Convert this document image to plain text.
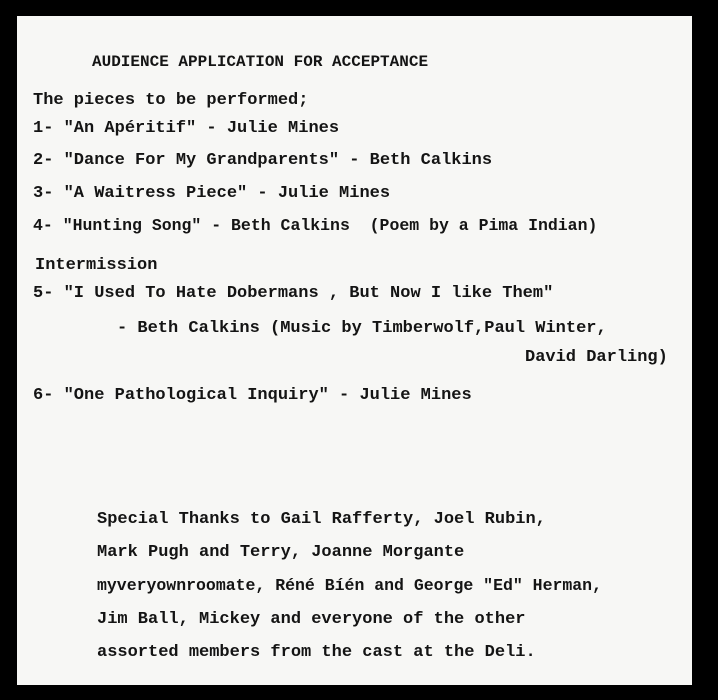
AUDIENCE APPLICATION FOR ACCEPTANCE
The pieces to be performed;
1- "An Apéritif" - Julie Mines
2- "Dance For My Grandparents" - Beth Calkins
3- "A Waitress Piece" - Julie Mines
4- "Hunting Song" - Beth Calkins  (Poem by a Pima Indian)
Intermission
5- "I Used To Hate Dobermans , But Now I like Them"
- Beth Calkins (Music by Timberwolf,Paul Winter,
David Darling)
6- "One Pathological Inquiry" - Julie Mines
Special Thanks to Gail Rafferty, Joel Rubin,
Mark Pugh and Terry, Joanne Morgante
myveryownroomate, Réné Bíén and George "Ed" Herman,
Jim Ball, Mickey and everyone of the other
assorted members from the cast at the Deli.
